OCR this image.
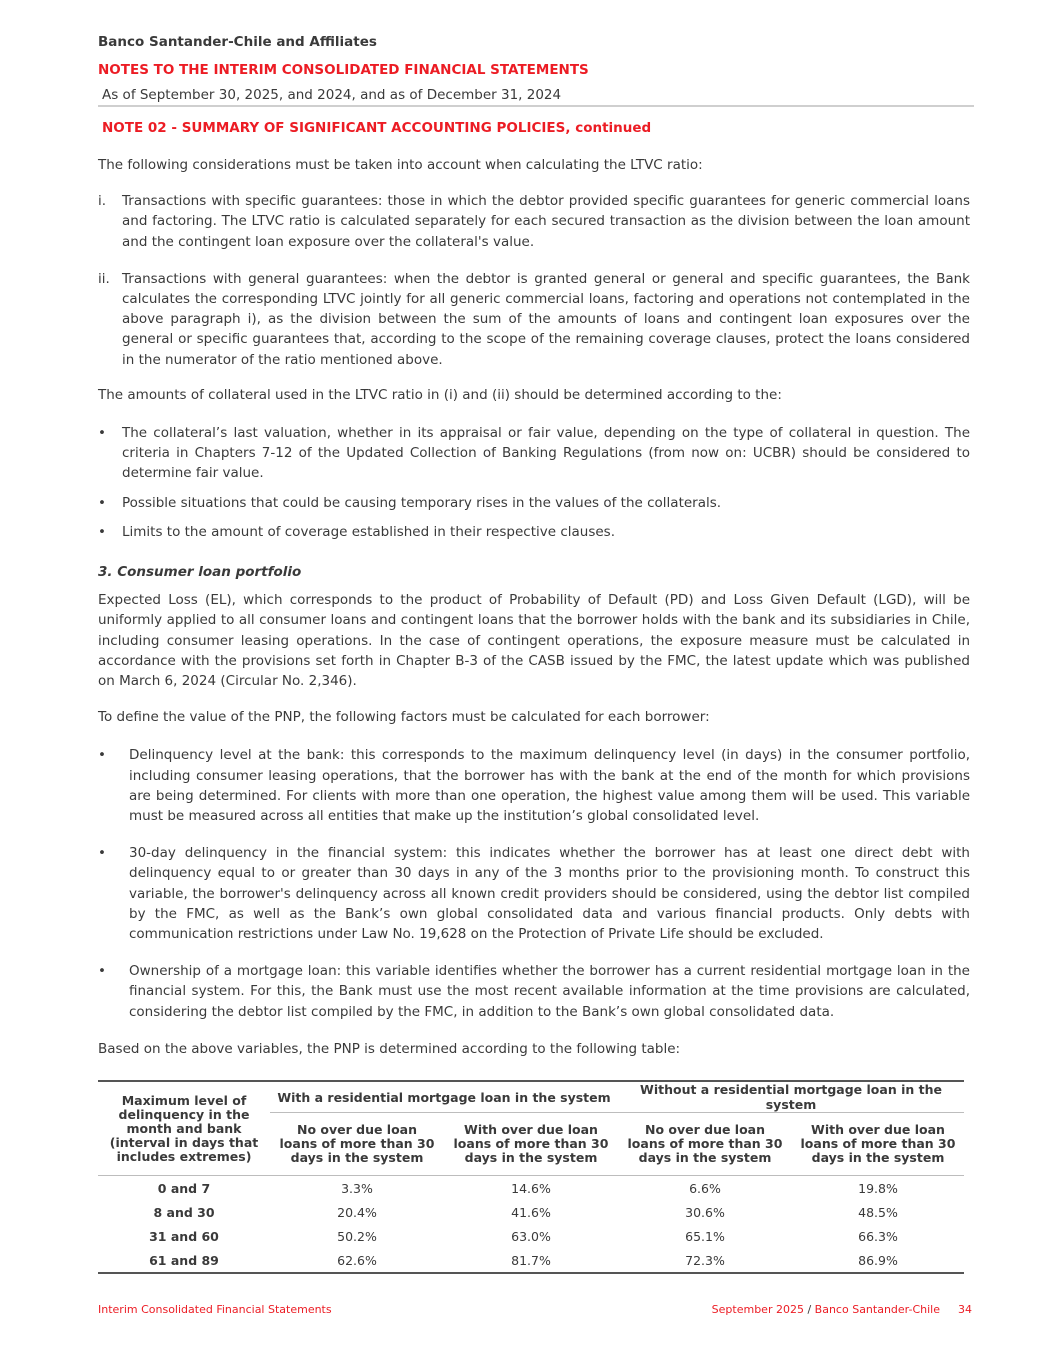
Banco Santander-Chile and Affiliates
NOTES TO THE INTERIM CONSOLIDATED FINANCIAL STATEMENTS
As of September 30, 2025, and 2024, and as of December 31, 2024
NOTE 02 - SUMMARY OF SIGNIFICANT ACCOUNTING POLICIES, continued

The following considerations must be taken into account when calculating the LTVC ratio:

i.	Transactions with specific guarantees: those in which the debtor provided specific guarantees for generic commercial loans and factoring. The LTVC ratio is calculated separately for each secured transaction as the division between the loan amount and the contingent loan exposure over the collateral's value.
ii. Transactions with general guarantees: when the debtor is granted general or general and specific guarantees, the Bank calculates the corresponding LTVC jointly for all generic commercial loans, factoring and operations not contemplated in the above paragraph i), as the division between the sum of the amounts of loans and contingent loan exposures over the general or specific guarantees that, according to the scope of the remaining coverage clauses, protect the loans considered in the numerator of the ratio mentioned above.

The amounts of collateral used in the LTVC ratio in (i) and (ii) should be determined according to the:

•	The collateral’s last valuation, whether in its appraisal or fair value, depending on the type of collateral in question. The criteria in Chapters 7-12 of the Updated Collection of Banking Regulations (from now on: UCBR) should be considered to determine fair value.
•	Possible situations that could be causing temporary rises in the values of the collaterals.
•	Limits to the amount of coverage established in their respective clauses.

3. Consumer loan portfolio

Expected Loss (EL), which corresponds to the product of Probability of Default (PD) and Loss Given Default (LGD), will be uniformly applied to all consumer loans and contingent loans that the borrower holds with the bank and its subsidiaries in Chile, including consumer leasing operations. In the case of contingent operations, the exposure measure must be calculated in accordance with the provisions set forth in Chapter B-3 of the CASB issued by the FMC, the latest update which was published on March 6, 2024 (Circular No. 2,346).

To define the value of the PNP, the following factors must be calculated for each borrower:

•	Delinquency level at the bank: this corresponds to the maximum delinquency level (in days) in the consumer portfolio, including consumer leasing operations, that the borrower has with the bank at the end of the month for which provisions are being determined. For clients with more than one operation, the highest value among them will be used. This variable must be measured across all entities that make up the institution’s global consolidated level.
•	30-day delinquency in the financial system: this indicates whether the borrower has at least one direct debt with delinquency equal to or greater than 30 days in any of the 3 months prior to the provisioning month. To construct this variable, the borrower's delinquency across all known credit providers should be considered, using the debtor list compiled by the FMC, as well as the Bank’s own global consolidated data and various financial products. Only debts with communication restrictions under Law No. 19,628 on the Protection of Private Life should be excluded.
•	Ownership of a mortgage loan: this variable identifies whether the borrower has a current residential mortgage loan in the financial system. For this, the Bank must use the most recent available information at the time provisions are calculated, considering the debtor list compiled by the FMC, in addition to the Bank’s own global consolidated data.

Based on the above variables, the PNP is determined according to the following table:

Maximum level of delinquency in the month and bank (interval in days that includes extremes)	With a residential mortgage loan in the system		Without a residential mortgage loan in the system	
	No over due loan loans of more than 30 days in the system	With over due loan loans of more than 30 days in the system	No over due loan loans of more than 30 days in the system	With over due loan loans of more than 30 days in the system
0 and 7	3.3%	14.6%	6.6%	19.8%
8 and 30	20.4%	41.6%	30.6%	48.5%
31 and 60	50.2%	63.0%	65.1%	66.3%
61 and 89	62.6%	81.7%	72.3%	86.9%
Interim Consolidated Financial Statements	September 2025 / Banco Santander-Chile 34
